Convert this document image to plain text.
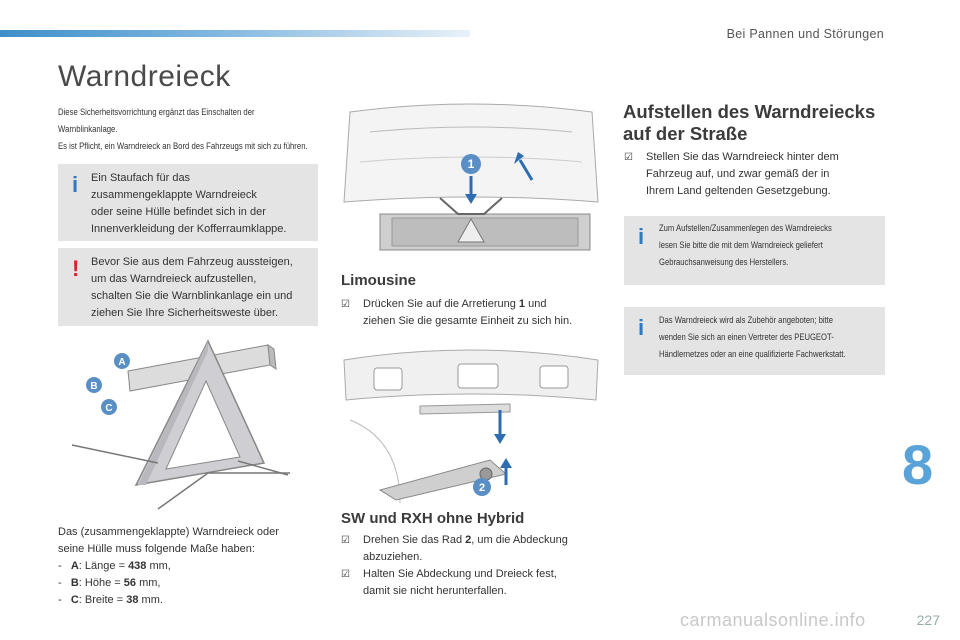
Bei Pannen und Störungen
Warndreieck
Diese Sicherheitsvorrichtung ergänzt das Einschalten der
Warnblinkanlage.
Es ist Pflicht, ein Warndreieck an Bord des Fahrzeugs mit sich zu führen.
i Ein Staufach für das
zusammengeklappte Warndreieck
oder seine Hülle befindet sich in der
Innenverkleidung der Kofferraumklappe.
! Bevor Sie aus dem Fahrzeug aussteigen,
um das Warndreieck aufzustellen,
schalten Sie die Warnblinkanlage ein und
ziehen Sie Ihre Sicherheitsweste über.
A
B
C
Das (zusammengeklappte) Warndreieck oder
seine Hülle muss folgende Maße haben:
-   A: Länge = 438 mm,
-   B: Höhe = 56 mm,
-   C: Breite = 38 mm.
1
Limousine
☑ Drücken Sie auf die Arretierung 1 und
ziehen Sie die gesamte Einheit zu sich hin.
2
SW und RXH ohne Hybrid
☑ Drehen Sie das Rad 2, um die Abdeckung
abzuziehen.
☑ Halten Sie Abdeckung und Dreieck fest,
damit sie nicht herunterfallen.
Aufstellen des Warndreiecks
auf der Straße
☑ Stellen Sie das Warndreieck hinter dem
Fahrzeug auf, und zwar gemäß der in
Ihrem Land geltenden Gesetzgebung.
i Zum Aufstellen/Zusammenlegen des Warndreiecks
lesen Sie bitte die mit dem Warndreieck geliefert
Gebrauchsanweisung des Herstellers.
i Das Warndreieck wird als Zubehör angeboten; bitte
wenden Sie sich an einen Vertreter des PEUGEOT-
Händlernetzes oder an eine qualifizierte Fachwerkstatt.
8
carmanualsonline.info	227
